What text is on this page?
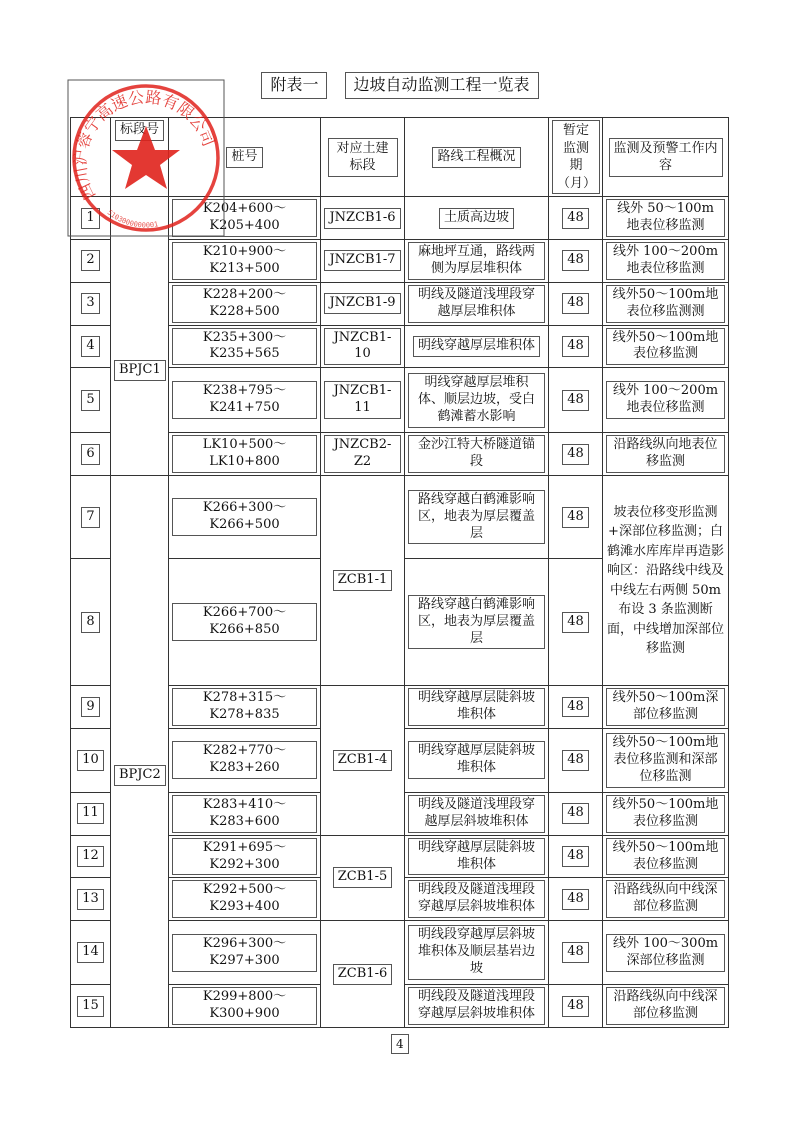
附表一 边坡自动监测工程一览表
	标段号	桩号	对应土建标段	路线工程概况	暂定监测期（月）	监测及预警工作内容
1	BPJC1	K204+600～K205+400	JNZCB1-6	土质高边坡	48	线外 50～100m 地表位移监测
2		K210+900～K213+500	JNZCB1-7	麻地坪互通，路线两侧为厚层堆积体	48	线外 100～200m 地表位移监测
3		K228+200～K228+500	JNZCB1-9	明线及隧道浅埋段穿越厚层堆积体	48	线外50～100m地表位移监测测
4		K235+300～K235+565	JNZCB1-10	明线穿越厚层堆积体	48	线外50～100m地表位移监测
5		K238+795～K241+750	JNZCB1-11	明线穿越厚层堆积体、顺层边坡，受白鹤滩蓄水影响	48	线外 100～200m 地表位移监测
6		LK10+500～LK10+800	JNZCB2-Z2	金沙江特大桥隧道锚段	48	沿路线纵向地表位移监测
7	BPJC2	K266+300～K266+500	ZCB1-1	路线穿越白鹤滩影响区，地表为厚层覆盖层	48	坡表位移变形监测+深部位移监测；白鹤滩水库库岸再造影响区：沿路线中线及中线左右两侧 50m 布设 3 条监测断面，中线增加深部位移监测
8		K266+700～K266+850		路线穿越白鹤滩影响区，地表为厚层覆盖层	48	
9		K278+315～K278+835	ZCB1-4	明线穿越厚层陡斜坡堆积体	48	线外50～100m深部位移监测
10		K282+770～K283+260		明线穿越厚层陡斜坡堆积体	48	线外50～100m地表位移监测和深部位移监测
11		K283+410～K283+600		明线及隧道浅埋段穿越厚层斜坡堆积体	48	线外50～100m地表位移监测
12		K291+695～K292+300	ZCB1-5	明线穿越厚层陡斜坡堆积体	48	线外50～100m地表位移监测
13		K292+500～K293+400		明线段及隧道浅埋段穿越厚层斜坡堆积体	48	沿路线纵向中线深部位移监测
14		K296+300～K297+300	ZCB1-6	明线段穿越厚层斜坡堆积体及顺层基岩边坡	48	线外 100～300m 深部位移监测
15		K299+800～K300+900		明线段及隧道浅埋段穿越厚层斜坡堆积体	48	沿路线纵向中线深部位移监测
四川沪蓉宁高速公路有限公司
5103000000001
4
